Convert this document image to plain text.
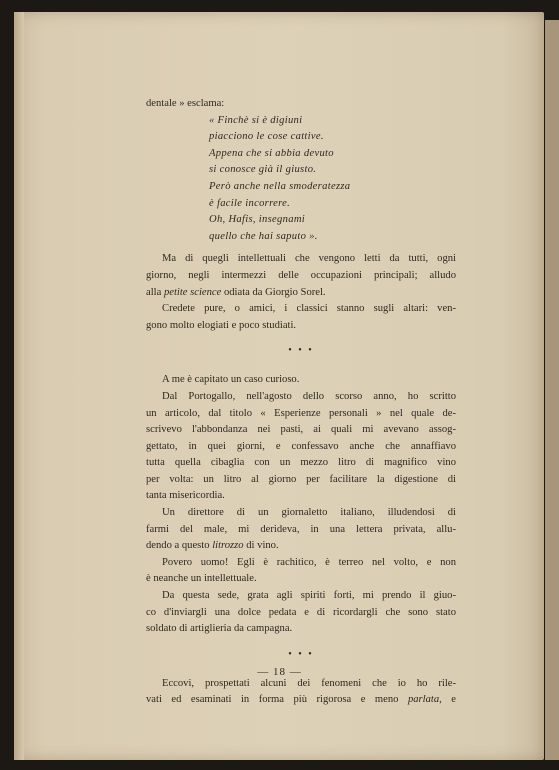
dentale » esclama:
« Finchè si è digiuni
piacciono le cose cattive.
Appena che si abbia devuto
si conosce già il giusto.
Però anche nella smoderatezza
è facile incorrere.
Oh, Hafis, insegnami
quello che hai saputo ».
Ma di quegli intellettuali che vengono letti da tutti, ogni
giorno, negli intermezzi delle occupazioni principali; alludo
alla petite science odiata da Giorgio Sorel.
Credete pure, o amici, i classici stanno sugli altari: ven-
gono molto elogiati e poco studiati.
• • •
A me è capitato un caso curioso.
Dal Portogallo, nell'agosto dello scorso anno, ho scritto
un articolo, dal titolo « Esperienze personali » nel quale de-
scrivevo l'abbondanza nei pasti, ai quali mi avevano assog-
gettato, in quei giorni, e confessavo anche che annaffiavo
tutta quella cibaglia con un mezzo litro di magnifico vino
per volta: un litro al giorno per facilitare la digestione di
tanta misericordia.
Un direttore di un giornaletto italiano, illudendosi di
farmi del male, mi derideva, in una lettera privata, allu-
dendo a questo litrozzo di vino.
Povero uomo! Egli è rachitico, è terreo nel volto, e non
è neanche un intellettuale.
Da questa sede, grata agli spiriti forti, mi prendo il giuo-
co d'inviargli una dolce pedata e di ricordargli che sono stato
soldato di artiglieria da campagna.
• • •
Eccovi, prospettati alcuni dei fenomeni che io ho rile-
vati ed esaminati in forma più rigorosa e meno parlata, e
— 18 —
